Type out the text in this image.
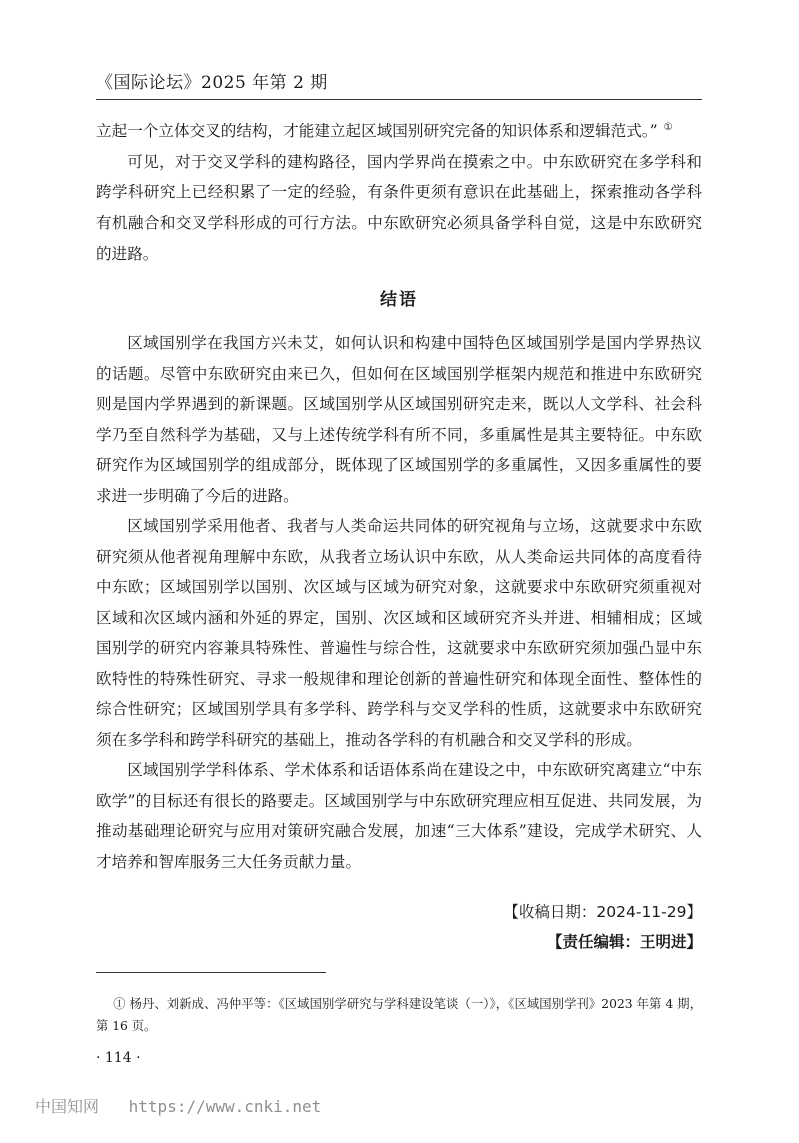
《国际论坛》2025 年第 2 期

立起一个立体交叉的结构，才能建立起区域国别研究完备的知识体系和逻辑范式。” ①

可见，对于交叉学科的建构路径，国内学界尚在摸索之中。中东欧研究在多学科和跨学科研究上已经积累了一定的经验，有条件更须有意识在此基础上，探索推动各学科有机融合和交叉学科形成的可行方法。中东欧研究必须具备学科自觉，这是中东欧研究的进路。

结语

区域国别学在我国方兴未艾，如何认识和构建中国特色区域国别学是国内学界热议的话题。尽管中东欧研究由来已久，但如何在区域国别学框架内规范和推进中东欧研究则是国内学界遇到的新课题。区域国别学从区域国别研究走来，既以人文学科、社会科学乃至自然科学为基础，又与上述传统学科有所不同，多重属性是其主要特征。中东欧研究作为区域国别学的组成部分，既体现了区域国别学的多重属性，又因多重属性的要求进一步明确了今后的进路。

区域国别学采用他者、我者与人类命运共同体的研究视角与立场，这就要求中东欧研究须从他者视角理解中东欧，从我者立场认识中东欧，从人类命运共同体的高度看待中东欧；区域国别学以国别、次区域与区域为研究对象，这就要求中东欧研究须重视对区域和次区域内涵和外延的界定，国别、次区域和区域研究齐头并进、相辅相成；区域国别学的研究内容兼具特殊性、普遍性与综合性，这就要求中东欧研究须加强凸显中东欧特性的特殊性研究、寻求一般规律和理论创新的普遍性研究和体现全面性、整体性的综合性研究；区域国别学具有多学科、跨学科与交叉学科的性质，这就要求中东欧研究须在多学科和跨学科研究的基础上，推动各学科的有机融合和交叉学科的形成。

区域国别学学科体系、学术体系和话语体系尚在建设之中，中东欧研究离建立“中东欧学”的目标还有很长的路要走。区域国别学与中东欧研究理应相互促进、共同发展，为推动基础理论研究与应用对策研究融合发展，加速“三大体系”建设，完成学术研究、人才培养和智库服务三大任务贡献力量。

【收稿日期：2024-11-29】
【责任编辑：王明进】

① 杨丹、刘新成、冯仲平等：《区域国别学研究与学科建设笔谈（一）》，《区域国别学刊》2023 年第 4 期，第 16 页。

· 114 ·
中国知网 https://www.cnki.net
